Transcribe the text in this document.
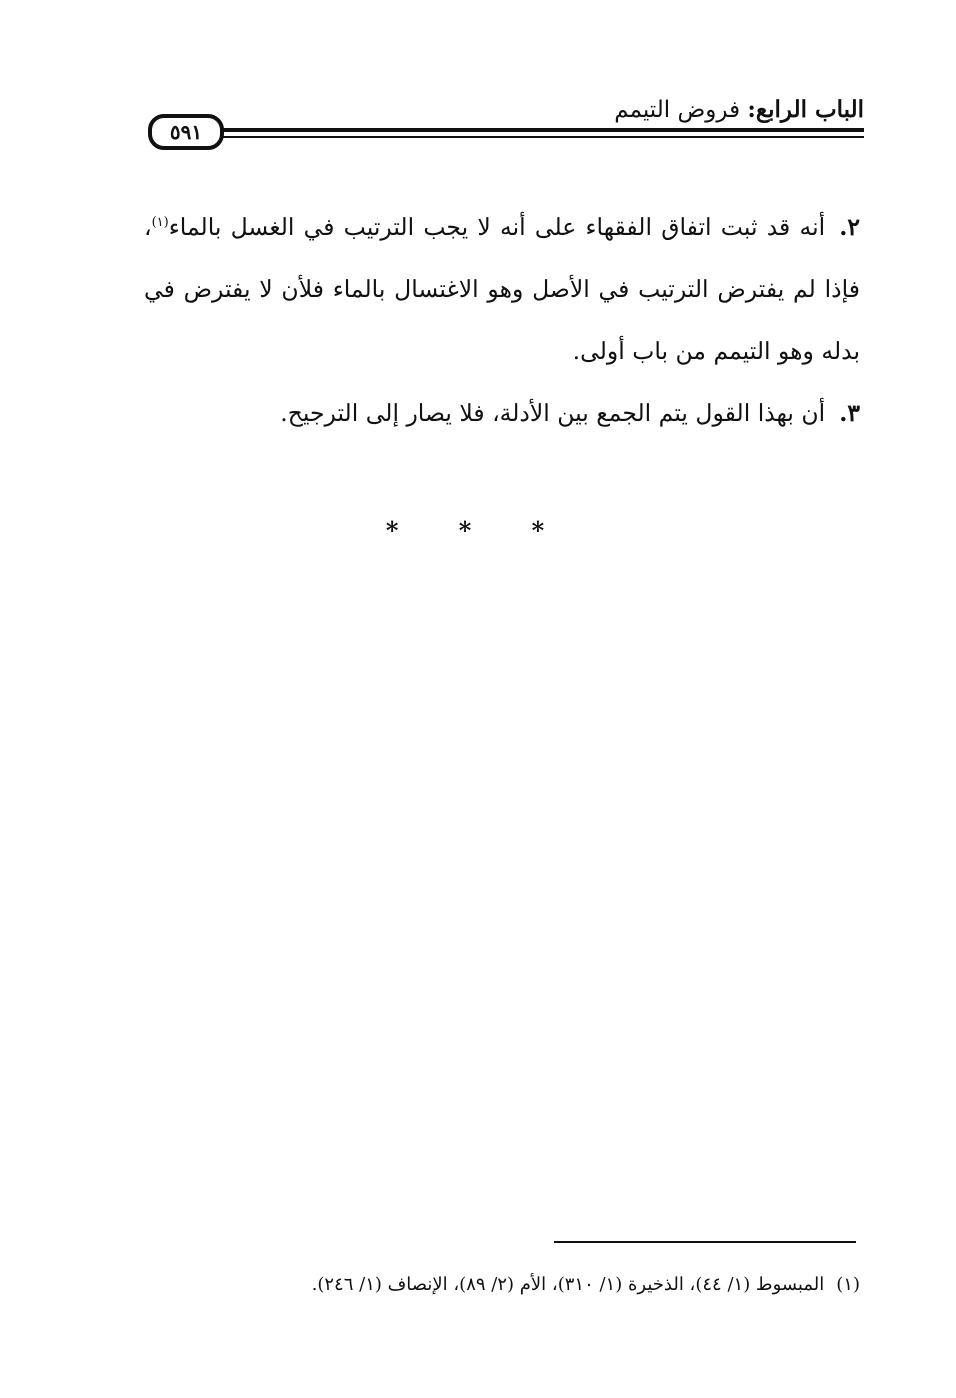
الباب الرابع: فروض التيمم
٥٩١

٢.أنه قد ثبت اتفاق الفقهاء على أنه لا يجب الترتيب في الغسل بالماء$^{(١)}$، فإذا لم يفترض الترتيب في الأصل وهو الاغتسال بالماء فلأن لا يفترض في بدله وهو التيمم من باب أولى.

٣.أن بهذا القول يتم الجمع بين الأدلة، فلا يصار إلى الترجيح.

* * *
(١)المبسوط (١/ ٤٤)، الذخيرة (١/ ٣١٠)، الأم (٢/ ٨٩)، الإنصاف (١/ ٢٤٦).
